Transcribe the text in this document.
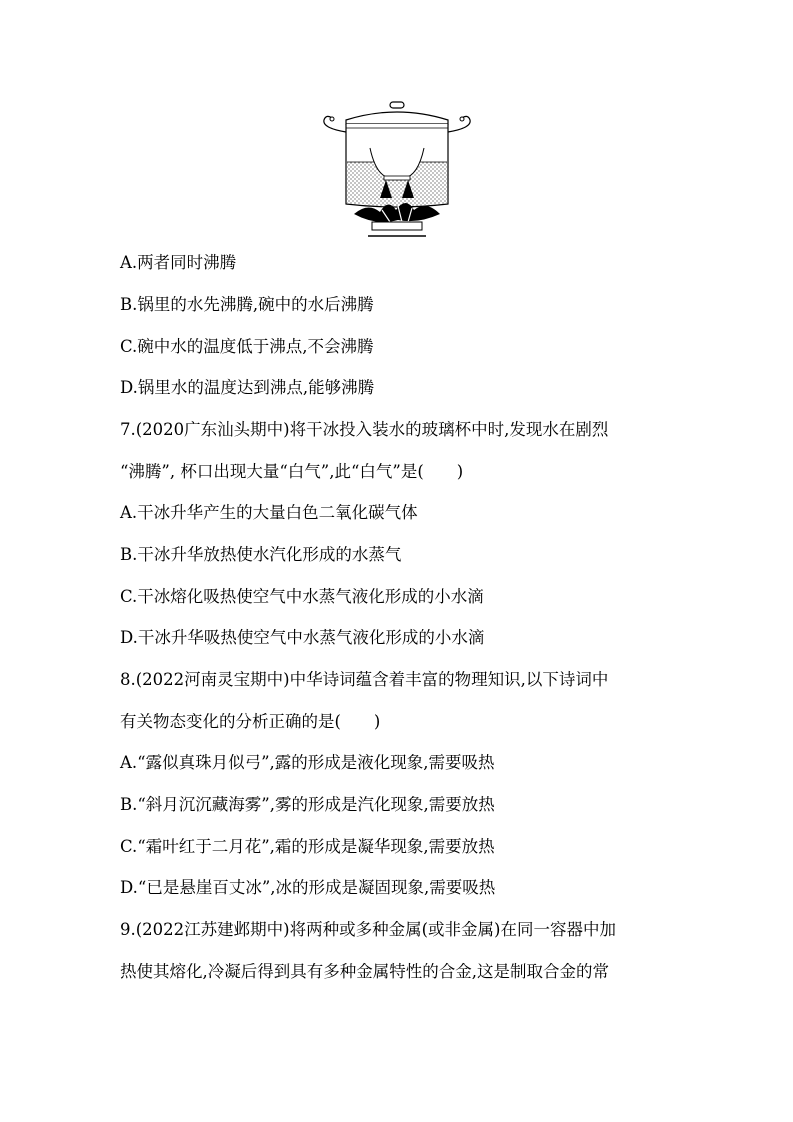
A.两者同时沸腾
B.锅里的水先沸腾,碗中的水后沸腾
C.碗中水的温度低于沸点,不会沸腾
D.锅里水的温度达到沸点,能够沸腾
7.(2020广东汕头期中)将干冰投入装水的玻璃杯中时,发现水在剧烈
“沸腾”, 杯口出现大量“白气”,此“白气”是(　　)
A.干冰升华产生的大量白色二氧化碳气体
B.干冰升华放热使水汽化形成的水蒸气
C.干冰熔化吸热使空气中水蒸气液化形成的小水滴
D.干冰升华吸热使空气中水蒸气液化形成的小水滴
8.(2022河南灵宝期中)中华诗词蕴含着丰富的物理知识,以下诗词中
有关物态变化的分析正确的是(　　)
A.“露似真珠月似弓”,露的形成是液化现象,需要吸热
B.“斜月沉沉藏海雾”,雾的形成是汽化现象,需要放热
C.“霜叶红于二月花”,霜的形成是凝华现象,需要放热
D.“已是悬崖百丈冰”,冰的形成是凝固现象,需要吸热
9.(2022江苏建邺期中)将两种或多种金属(或非金属)在同一容器中加
热使其熔化,冷凝后得到具有多种金属特性的合金,这是制取合金的常
